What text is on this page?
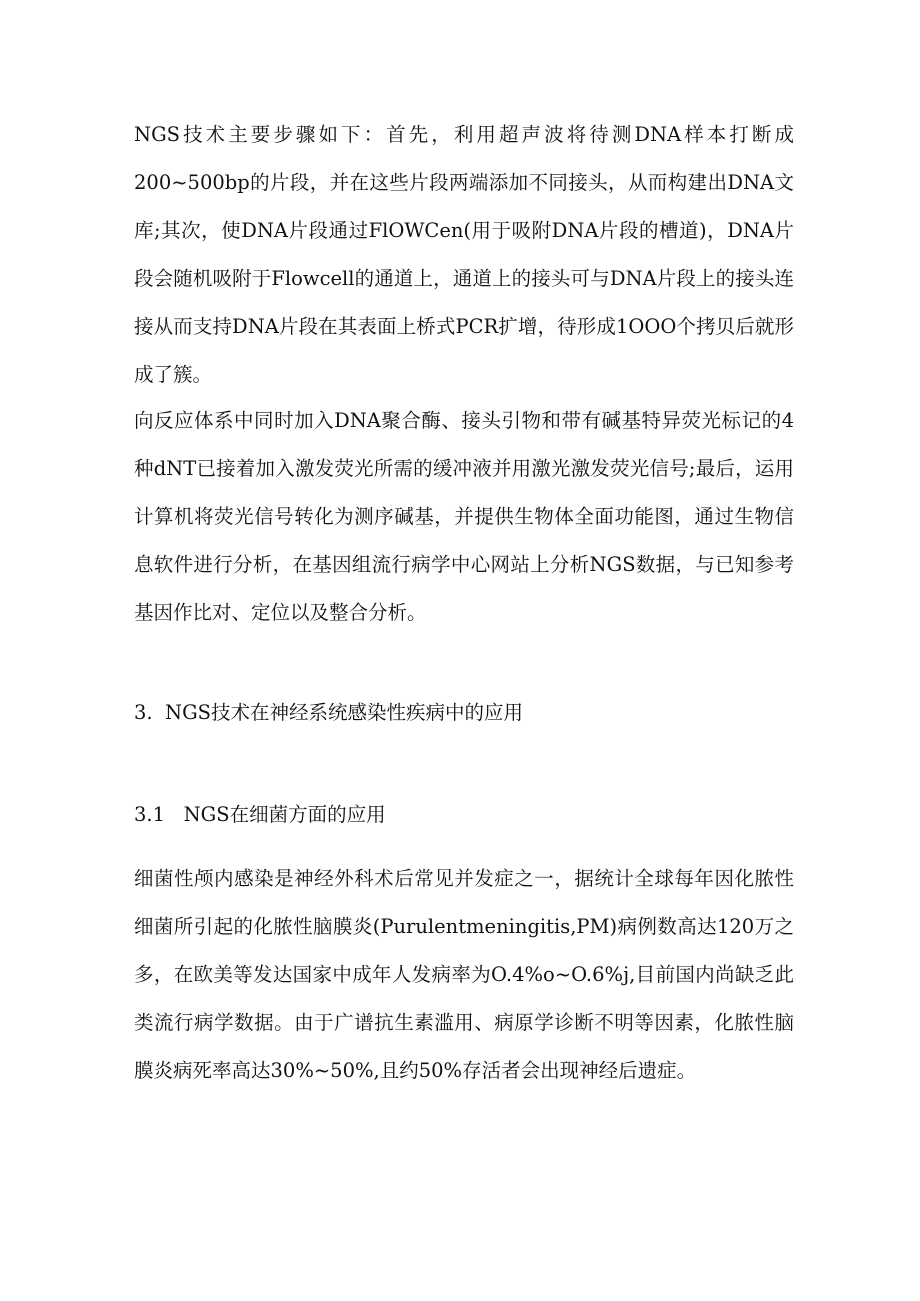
NGS技术主要步骤如下：首先，利用超声波将待测DNA样本打断成200~500bp的片段，并在这些片段两端添加不同接头，从而构建出DNA文库;其次，使DNA片段通过FlOWCen(用于吸附DNA片段的槽道)，DNA片段会随机吸附于Flowcell的通道上，通道上的接头可与DNA片段上的接头连接从而支持DNA片段在其表面上桥式PCR扩增，待形成1OOO个拷贝后就形成了簇。

向反应体系中同时加入DNA聚合酶、接头引物和带有碱基特异荧光标记的4种dNT已接着加入激发荧光所需的缓冲液并用激光激发荧光信号;最后，运用计算机将荧光信号转化为测序碱基，并提供生物体全面功能图，通过生物信息软件进行分析，在基因组流行病学中心网站上分析NGS数据，与已知参考基因作比对、定位以及整合分析。

3.  NGS技术在神经系统感染性疾病中的应用

3.1   NGS在细菌方面的应用

细菌性颅内感染是神经外科术后常见并发症之一，据统计全球每年因化脓性细菌所引起的化脓性脑膜炎(Purulentmeningitis,PM)病例数高达120万之多，在欧美等发达国家中成年人发病率为O.4%o~O.6%j,目前国内尚缺乏此类流行病学数据。由于广谱抗生素滥用、病原学诊断不明等因素，化脓性脑膜炎病死率高达30%~50%,且约50%存活者会出现神经后遗症。
